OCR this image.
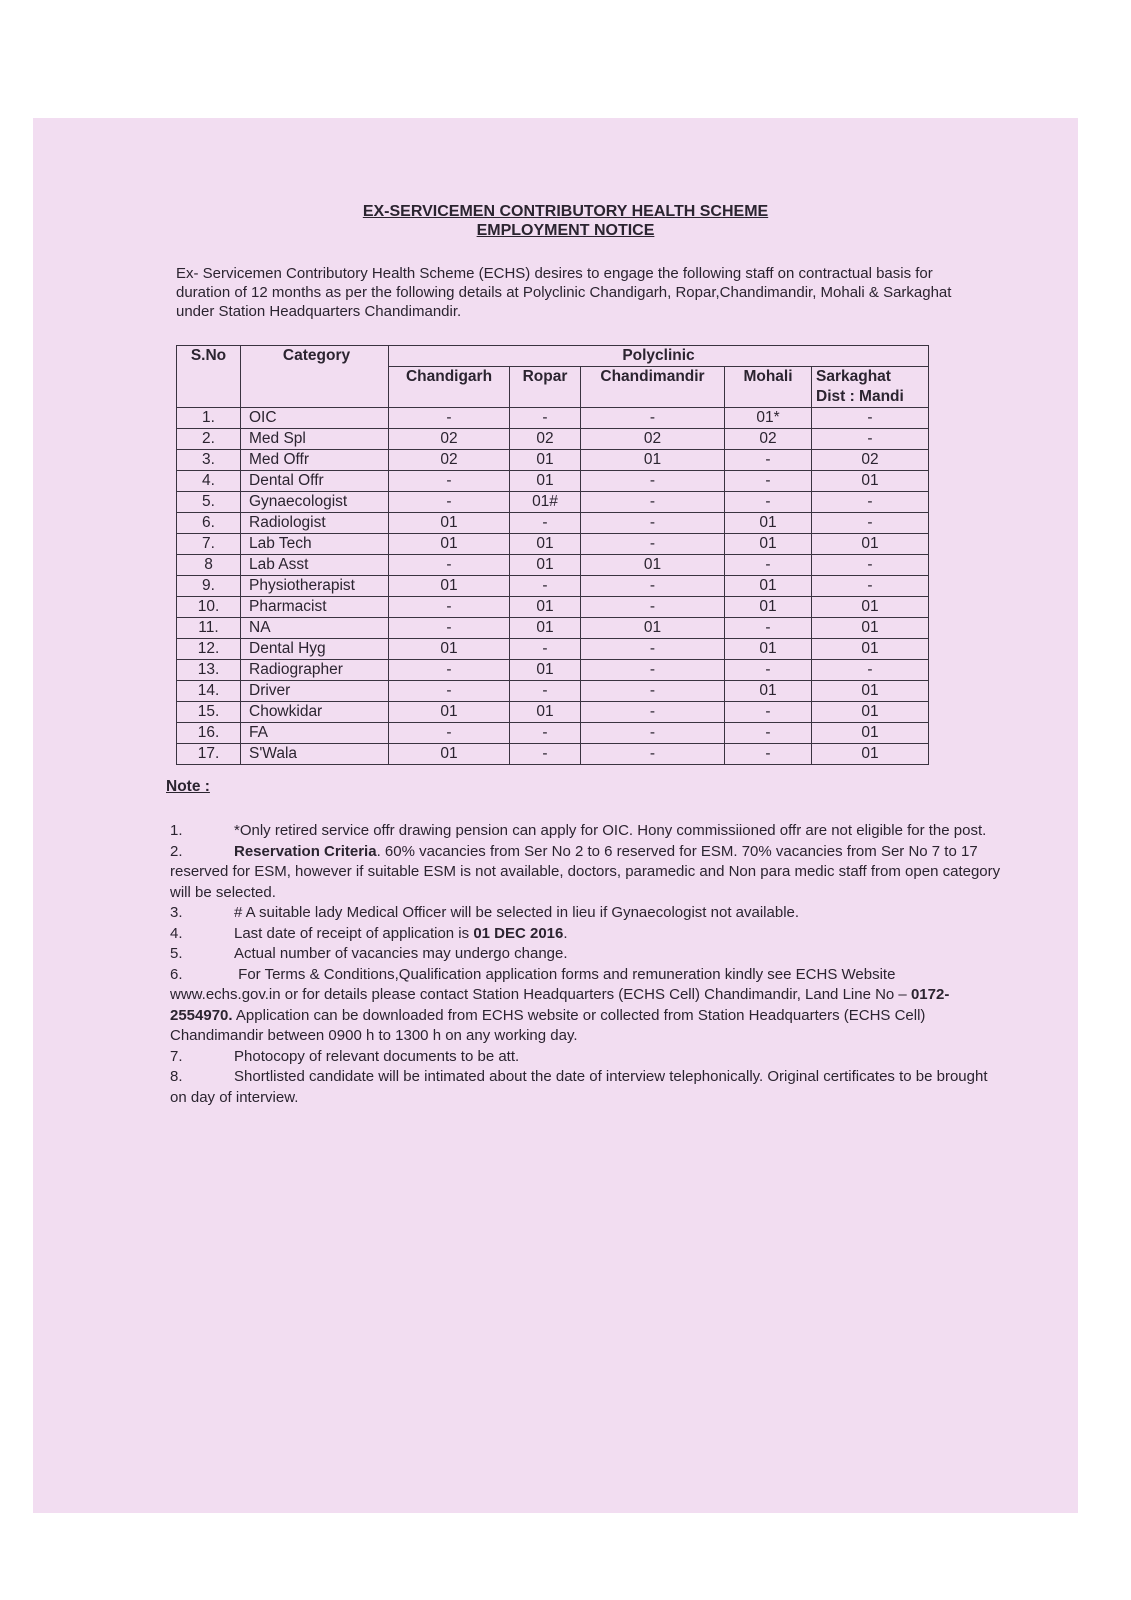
EX-SERVICEMEN CONTRIBUTORY HEALTH SCHEME
EMPLOYMENT NOTICE
Ex- Servicemen Contributory Health Scheme (ECHS) desires to engage the following staff on contractual basis for duration of 12 months as per the following details at Polyclinic Chandigarh, Ropar,Chandimandir, Mohali & Sarkaghat under Station Headquarters Chandimandir.
S.No	Category	Polyclinic				
		Chandigarh	Ropar	Chandimandir	Mohali	Sarkaghat
Dist : Mandi
1.	OIC	-	-	-	01*	-
2.	Med Spl	02	02	02	02	-
3.	Med Offr	02	01	01	-	02
4.	Dental Offr	-	01	-	-	01
5.	Gynaecologist	-	01#	-	-	-
6.	Radiologist	01	-	-	01	-
7.	Lab Tech	01	01	-	01	01
8	Lab Asst	-	01	01	-	-
9.	Physiotherapist	01	-	-	01	-
10.	Pharmacist	-	01	-	01	01
11.	NA	-	01	01	-	01
12.	Dental Hyg	01	-	-	01	01
13.	Radiographer	-	01	-	-	-
14.	Driver	-	-	-	01	01
15.	Chowkidar	01	01	-	-	01
16.	FA	-	-	-	-	01
17.	S'Wala	01	-	-	-	01
Note :

1.	*Only retired service offr drawing pension can apply for OIC. Hony commissiioned offr are not eligible for the post.

2.	Reservation Criteria. 60% vacancies from Ser No 2 to 6 reserved for ESM. 70% vacancies from Ser No 7 to 17 reserved for ESM, however if suitable ESM is not available, doctors, paramedic and Non para medic staff from open category will be selected.

3.	# A suitable lady Medical Officer will be selected in lieu if Gynaecologist not available.

4.	Last date of receipt of application is 01 DEC 2016.

5.	Actual number of vacancies may undergo change.

6.	For Terms & Conditions,Qualification application forms and remuneration kindly see ECHS Website www.echs.gov.in or for details please contact Station Headquarters (ECHS Cell) Chandimandir, Land Line No – 0172-2554970. Application can be downloaded from ECHS website or collected from Station Headquarters (ECHS Cell) Chandimandir between 0900 h to 1300 h on any working day.

7.	Photocopy of relevant documents to be att.

8.	Shortlisted candidate will be intimated about the date of interview telephonically. Original certificates to be brought on day of interview.
